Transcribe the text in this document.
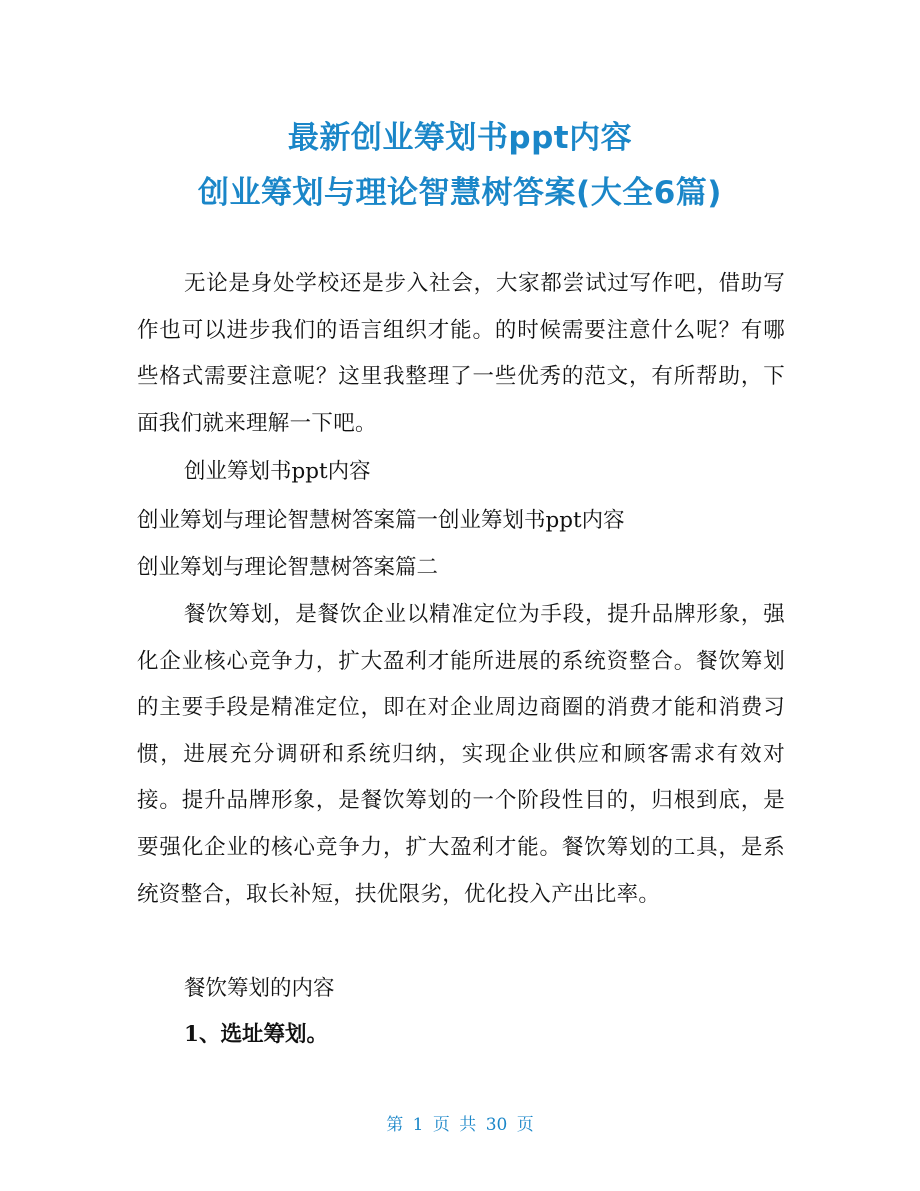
最新创业筹划书ppt内容
创业筹划与理论智慧树答案(大全6篇)

无论是身处学校还是步入社会，大家都尝试过写作吧，借助写作也可以进步我们的语言组织才能。的时候需要注意什么呢？有哪些格式需要注意呢？这里我整理了一些优秀的范文，有所帮助，下面我们就来理解一下吧。

创业筹划书ppt内容

创业筹划与理论智慧树答案篇一创业筹划书ppt内容

创业筹划与理论智慧树答案篇二

餐饮筹划，是餐饮企业以精准定位为手段，提升品牌形象，强化企业核心竞争力，扩大盈利才能所进展的系统资整合。餐饮筹划的主要手段是精准定位，即在对企业周边商圈的消费才能和消费习惯，进展充分调研和系统归纳，实现企业供应和顾客需求有效对接。提升品牌形象，是餐饮筹划的一个阶段性目的，归根到底，是要强化企业的核心竞争力，扩大盈利才能。餐饮筹划的工具，是系统资整合，取长补短，扶优限劣，优化投入产出比率。

餐饮筹划的内容

1、选址筹划。

第 1 页 共 30 页
